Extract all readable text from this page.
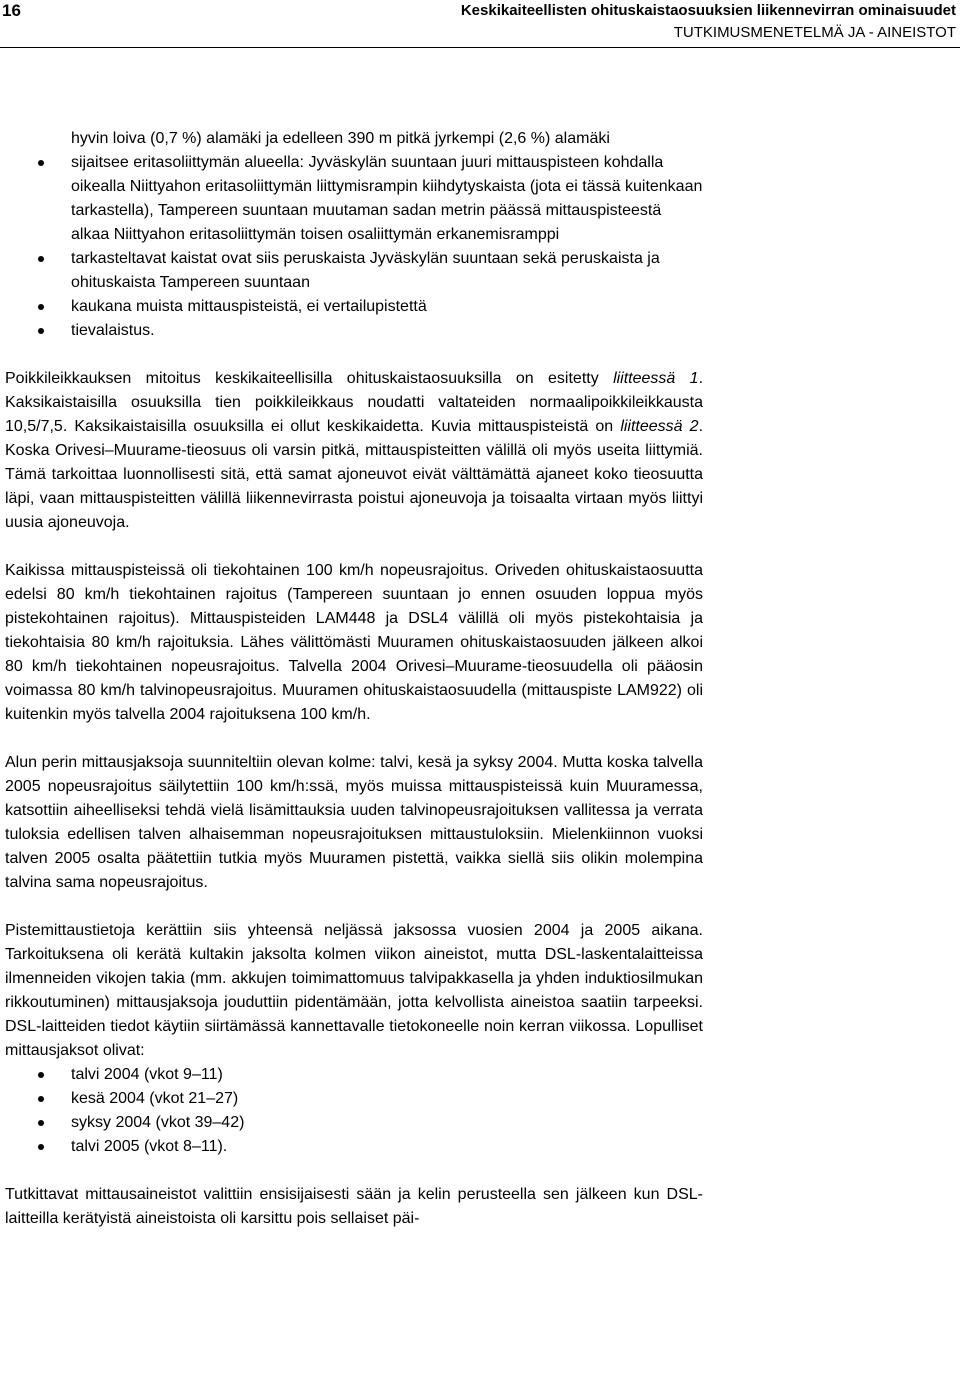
16	Keskikaiteellisten ohituskaistaosuuksien liikennevirran ominaisuudet
TUTKIMUSMENETELMÄ JA - AINEISTOT
hyvin loiva (0,7 %) alamäki ja edelleen 390 m pitkä jyrkempi (2,6 %) alamäki
sijaitsee eritasoliittymän alueella: Jyväskylän suuntaan juuri mittauspisteen kohdalla oikealla Niittyahon eritasoliittymän liittymisrampin kiihdytyskaista (jota ei tässä kuitenkaan tarkastella), Tampereen suuntaan muutaman sadan metrin päässä mittauspisteestä alkaa Niittyahon eritasoliittymän toisen osaliittymän erkanemisramppi
tarkasteltavat kaistat ovat siis peruskaista Jyväskylän suuntaan sekä peruskaista ja ohituskaista Tampereen suuntaan
kaukana muista mittauspisteistä, ei vertailupistettä
tievalaistus.

Poikkileikkauksen mitoitus keskikaiteellisilla ohituskaistaosuuksilla on esitetty liitteessä 1. Kaksikaistaisilla osuuksilla tien poikkileikkaus noudatti valtateiden normaalipoikkileikkausta 10,5/7,5. Kaksikaistaisilla osuuksilla ei ollut keskikaidetta. Kuvia mittauspisteistä on liitteessä 2. Koska Orivesi–Muurame-tieosuus oli varsin pitkä, mittauspisteitten välillä oli myös useita liittymiä. Tämä tarkoittaa luonnollisesti sitä, että samat ajoneuvot eivät välttämättä ajaneet koko tieosuutta läpi, vaan mittauspisteitten välillä liikennevirrasta poistui ajoneuvoja ja toisaalta virtaan myös liittyi uusia ajoneuvoja.

Kaikissa mittauspisteissä oli tiekohtainen 100 km/h nopeusrajoitus. Oriveden ohituskaistaosuutta edelsi 80 km/h tiekohtainen rajoitus (Tampereen suuntaan jo ennen osuuden loppua myös pistekohtainen rajoitus). Mittauspisteiden LAM448 ja DSL4 välillä oli myös pistekohtaisia ja tiekohtaisia 80 km/h rajoituksia. Lähes välittömästi Muuramen ohituskaistaosuuden jälkeen alkoi 80 km/h tiekohtainen nopeusrajoitus. Talvella 2004 Orivesi–Muurame-tieosuudella oli pääosin voimassa 80 km/h talvinopeusrajoitus. Muuramen ohituskaistaosuudella (mittauspiste LAM922) oli kuitenkin myös talvella 2004 rajoituksena 100 km/h.

Alun perin mittausjaksoja suunniteltiin olevan kolme: talvi, kesä ja syksy 2004. Mutta koska talvella 2005 nopeusrajoitus säilytettiin 100 km/h:ssä, myös muissa mittauspisteissä kuin Muuramessa, katsottiin aiheelliseksi tehdä vielä lisämittauksia uuden talvinopeusrajoituksen vallitessa ja verrata tuloksia edellisen talven alhaisemman nopeusrajoituksen mittaustuloksiin. Mielenkiinnon vuoksi talven 2005 osalta päätettiin tutkia myös Muuramen pistettä, vaikka siellä siis olikin molempina talvina sama nopeusrajoitus.

Pistemittaustietoja kerättiin siis yhteensä neljässä jaksossa vuosien 2004 ja 2005 aikana. Tarkoituksena oli kerätä kultakin jaksolta kolmen viikon aineistot, mutta DSL-laskentalaitteissa ilmenneiden vikojen takia (mm. akkujen toimimattomuus talvipakkasella ja yhden induktiosilmukan rikkoutuminen) mittausjaksoja jouduttiin pidentämään, jotta kelvollista aineistoa saatiin tarpeeksi. DSL-laitteiden tiedot käytiin siirtämässä kannettavalle tietokoneelle noin kerran viikossa. Lopulliset mittausjaksot olivat:

talvi 2004 (vkot 9–11)
kesä 2004 (vkot 21–27)
syksy 2004 (vkot 39–42)
talvi 2005 (vkot 8–11).

Tutkittavat mittausaineistot valittiin ensisijaisesti sään ja kelin perusteella sen jälkeen kun DSL-laitteilla kerätyistä aineistoista oli karsittu pois sellaiset päi-
